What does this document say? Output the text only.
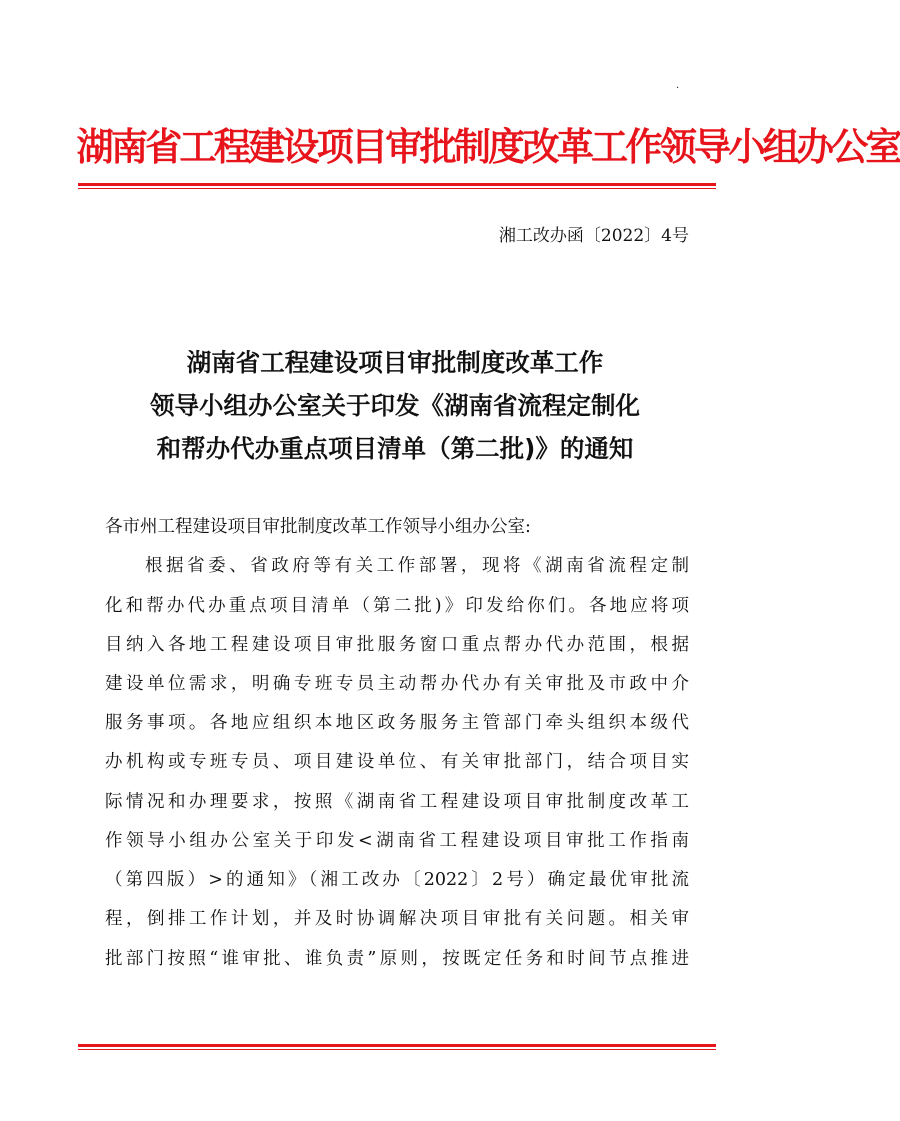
·
湖南省工程建设项目审批制度改革工作领导小组办公室
湘工改办函〔2022〕4号
湖南省工程建设项目审批制度改革工作
领导小组办公室关于印发《湖南省流程定制化
和帮办代办重点项目清单（第二批)》的通知
各市州工程建设项目审批制度改革工作领导小组办公室:
根据省委、省政府等有关工作部署，现将《湖南省流程定制
化和帮办代办重点项目清单（第二批)》印发给你们。各地应将项
目纳入各地工程建设项目审批服务窗口重点帮办代办范围，根据
建设单位需求，明确专班专员主动帮办代办有关审批及市政中介
服务事项。各地应组织本地区政务服务主管部门牵头组织本级代
办机构或专班专员、项目建设单位、有关审批部门，结合项目实
际情况和办理要求，按照《湖南省工程建设项目审批制度改革工
作领导小组办公室关于印发<湖南省工程建设项目审批工作指南
（第四版）>的通知》（湘工改办〔2022〕2号）确定最优审批流
程，倒排工作计划，并及时协调解决项目审批有关问题。相关审
批部门按照“谁审批、谁负责”原则，按既定任务和时间节点推进
